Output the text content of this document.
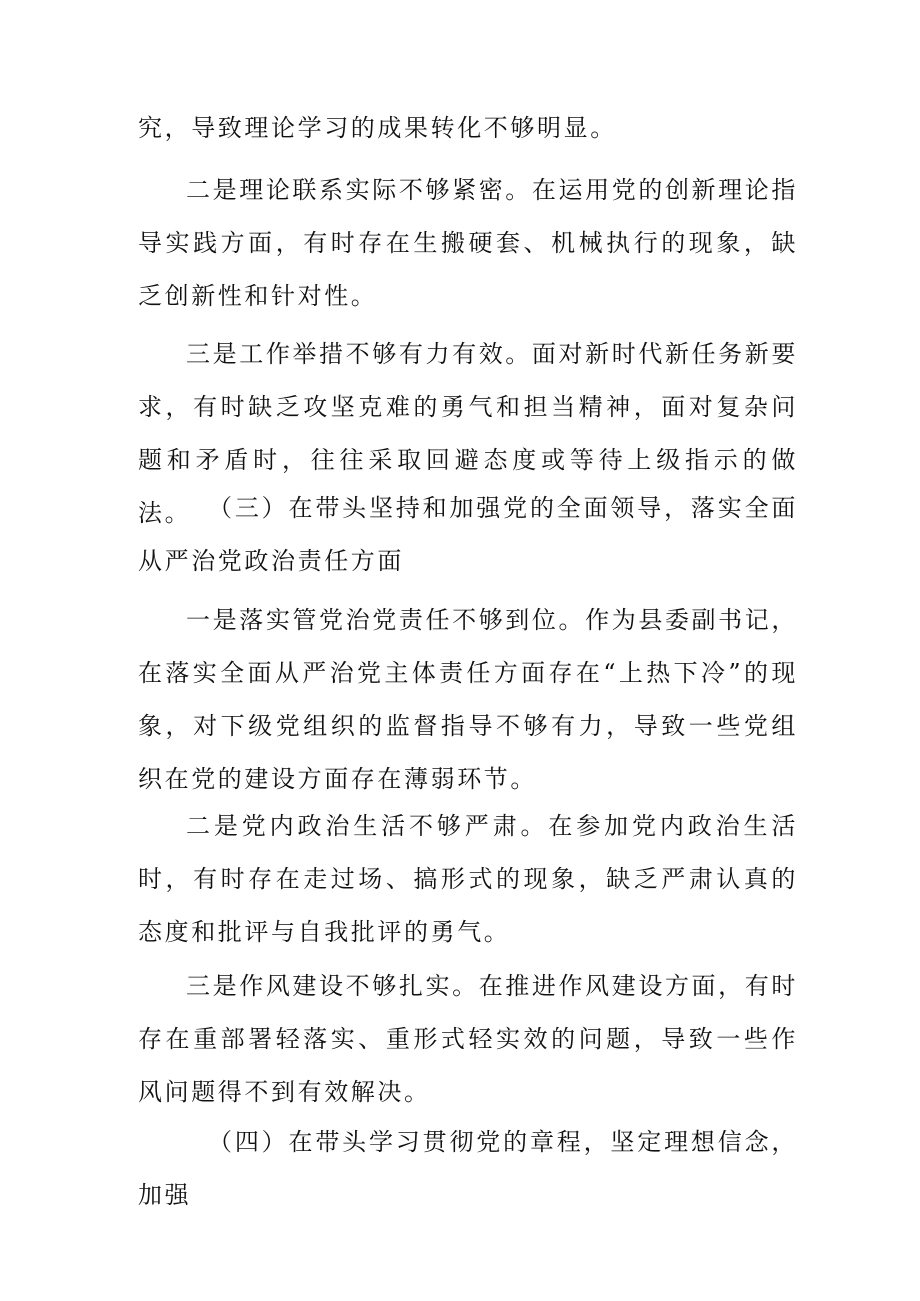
究，导致理论学习的成果转化不够明显。

二是理论联系实际不够紧密。在运用党的创新理论指导实践方面，有时存在生搬硬套、机械执行的现象，缺乏创新性和针对性。

三是工作举措不够有力有效。面对新时代新任务新要求，有时缺乏攻坚克难的勇气和担当精神，面对复杂问题和矛盾时，往往采取回避态度或等待上级指示的做法。 （三）在带头坚持和加强党的全面领导，落实全面从严治党政治责任方面

一是落实管党治党责任不够到位。作为县委副书记，在落实全面从严治党主体责任方面存在“上热下冷”的现象，对下级党组织的监督指导不够有力，导致一些党组织在党的建设方面存在薄弱环节。

二是党内政治生活不够严肃。在参加党内政治生活时，有时存在走过场、搞形式的现象，缺乏严肃认真的态度和批评与自我批评的勇气。

三是作风建设不够扎实。在推进作风建设方面，有时存在重部署轻落实、重形式轻实效的问题，导致一些作风问题得不到有效解决。

（四）在带头学习贯彻党的章程，坚定理想信念，加强
